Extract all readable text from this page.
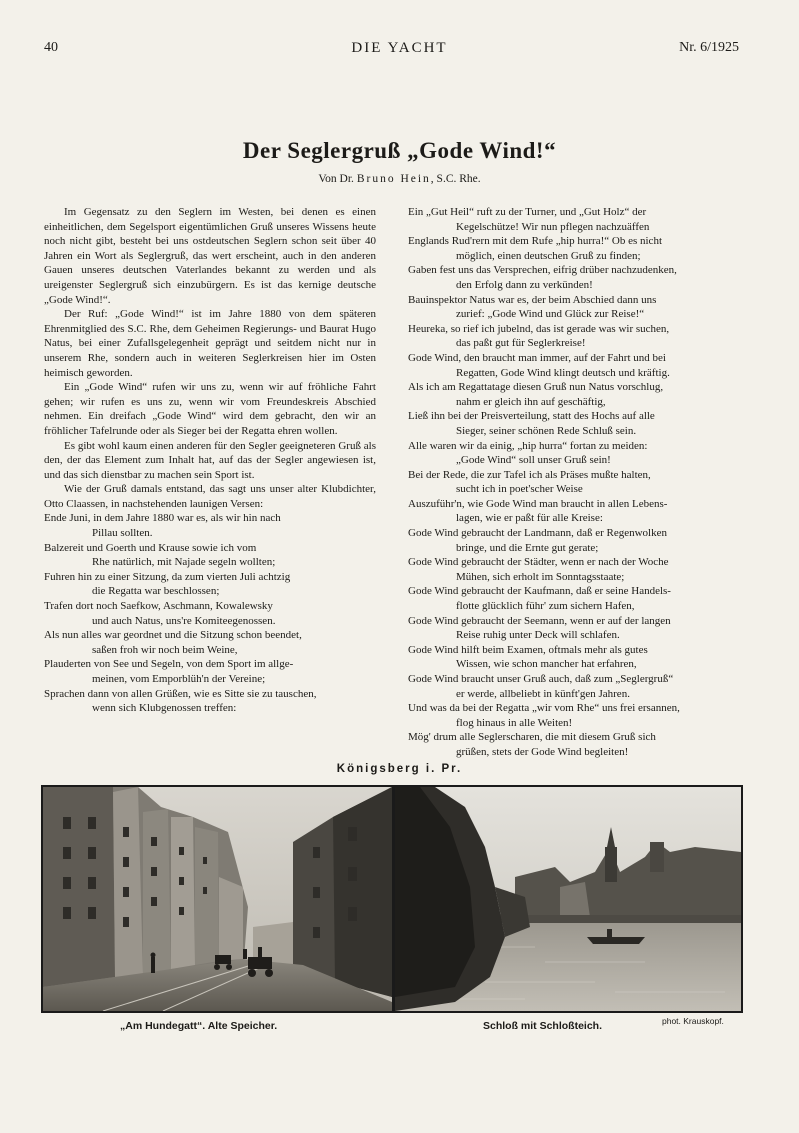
40	DIE YACHT	Nr. 6/1925
Der Seglergruß „Gode Wind!“
Von Dr. Bruno Hein, S.C. Rhe.

Im Gegensatz zu den Seglern im Westen, bei denen es einen einheitlichen, dem Segelsport eigentümlichen Gruß unseres Wissens heute noch nicht gibt, besteht bei uns ostdeutschen Seglern schon seit über 40 Jahren ein Wort als Seglergruß, das wert erscheint, auch in den anderen Gauen unseres deutschen Vaterlandes bekannt zu werden und als ureigenster Seglergruß sich einzubürgern. Es ist das kernige deutsche „Gode Wind!“.

Der Ruf: „Gode Wind!“ ist im Jahre 1880 von dem späteren Ehrenmitglied des S.C. Rhe, dem Geheimen Regierungs- und Baurat Hugo Natus, bei einer Zufallsgelegenheit geprägt und seitdem nicht nur in unserem Rhe, sondern auch in weiteren Seglerkreisen hier im Osten heimisch geworden.

Ein „Gode Wind“ rufen wir uns zu, wenn wir auf fröhliche Fahrt gehen; wir rufen es uns zu, wenn wir vom Freundeskreis Abschied nehmen. Ein dreifach „Gode Wind“ wird dem gebracht, den wir an fröhlicher Tafelrunde oder als Sieger bei der Regatta ehren wollen.

Es gibt wohl kaum einen anderen für den Segler geeigneteren Gruß als den, der das Element zum Inhalt hat, auf das der Segler angewiesen ist, und das sich dienstbar zu machen sein Sport ist.

Wie der Gruß damals entstand, das sagt uns unser alter Klubdichter, Otto Claassen, in nachstehenden launigen Versen:

Ende Juni, in dem Jahre 1880 war es, als wir hin nach
Pillau sollten.
Balzereit und Goerth und Krause sowie ich vom
Rhe natürlich, mit Najade segeln wollten;
Fuhren hin zu einer Sitzung, da zum vierten Juli achtzig
die Regatta war beschlossen;
Trafen dort noch Saefkow, Aschmann, Kowalewsky
und auch Natus, uns're Komiteegenossen.
Als nun alles war geordnet und die Sitzung schon beendet,
saßen froh wir noch beim Weine,
Plauderten von See und Segeln, von dem Sport im allge-
meinen, vom Emporblüh'n der Vereine;
Sprachen dann von allen Grüßen, wie es Sitte sie zu tauschen,
wenn sich Klubgenossen treffen:
Ein „Gut Heil“ ruft zu der Turner, und „Gut Holz“ der
Kegelschütze! Wir nun pflegen nachzuäffen
Englands Rud'rern mit dem Rufe „hip hurra!“ Ob es nicht
möglich, einen deutschen Gruß zu finden;
Gaben fest uns das Versprechen, eifrig drüber nachzudenken,
den Erfolg dann zu verkünden!
Bauinspektor Natus war es, der beim Abschied dann uns
zurief: „Gode Wind und Glück zur Reise!“
Heureka, so rief ich jubelnd, das ist gerade was wir suchen,
das paßt gut für Seglerkreise!
Gode Wind, den braucht man immer, auf der Fahrt und bei
Regatten, Gode Wind klingt deutsch und kräftig.
Als ich am Regattatage diesen Gruß nun Natus vorschlug,
nahm er gleich ihn auf geschäftig,
Ließ ihn bei der Preisverteilung, statt des Hochs auf alle
Sieger, seiner schönen Rede Schluß sein.
Alle waren wir da einig, „hip hurra“ fortan zu meiden:
„Gode Wind“ soll unser Gruß sein!
Bei der Rede, die zur Tafel ich als Präses mußte halten,
sucht ich in poet'scher Weise
Auszuführ'n, wie Gode Wind man braucht in allen Lebens-
lagen, wie er paßt für alle Kreise:
Gode Wind gebraucht der Landmann, daß er Regenwolken
bringe, und die Ernte gut gerate;
Gode Wind gebraucht der Städter, wenn er nach der Woche
Mühen, sich erholt im Sonntagsstaate;
Gode Wind gebraucht der Kaufmann, daß er seine Handels-
flotte glücklich führ' zum sichern Hafen,
Gode Wind gebraucht der Seemann, wenn er auf der langen
Reise ruhig unter Deck will schlafen.
Gode Wind hilft beim Examen, oftmals mehr als gutes
Wissen, wie schon mancher hat erfahren,
Gode Wind braucht unser Gruß auch, daß zum „Seglergruß“
er werde, allbeliebt in künft'gen Jahren.
Und was da bei der Regatta „wir vom Rhe“ uns frei ersannen,
flog hinaus in alle Weiten!
Mög' drum alle Seglerscharen, die mit diesem Gruß sich
grüßen, stets der Gode Wind begleiten!
Königsberg i. Pr.
„Am Hundegatt“. Alte Speicher.	Schloß mit Schloßteich.	phot. Krauskopf.
